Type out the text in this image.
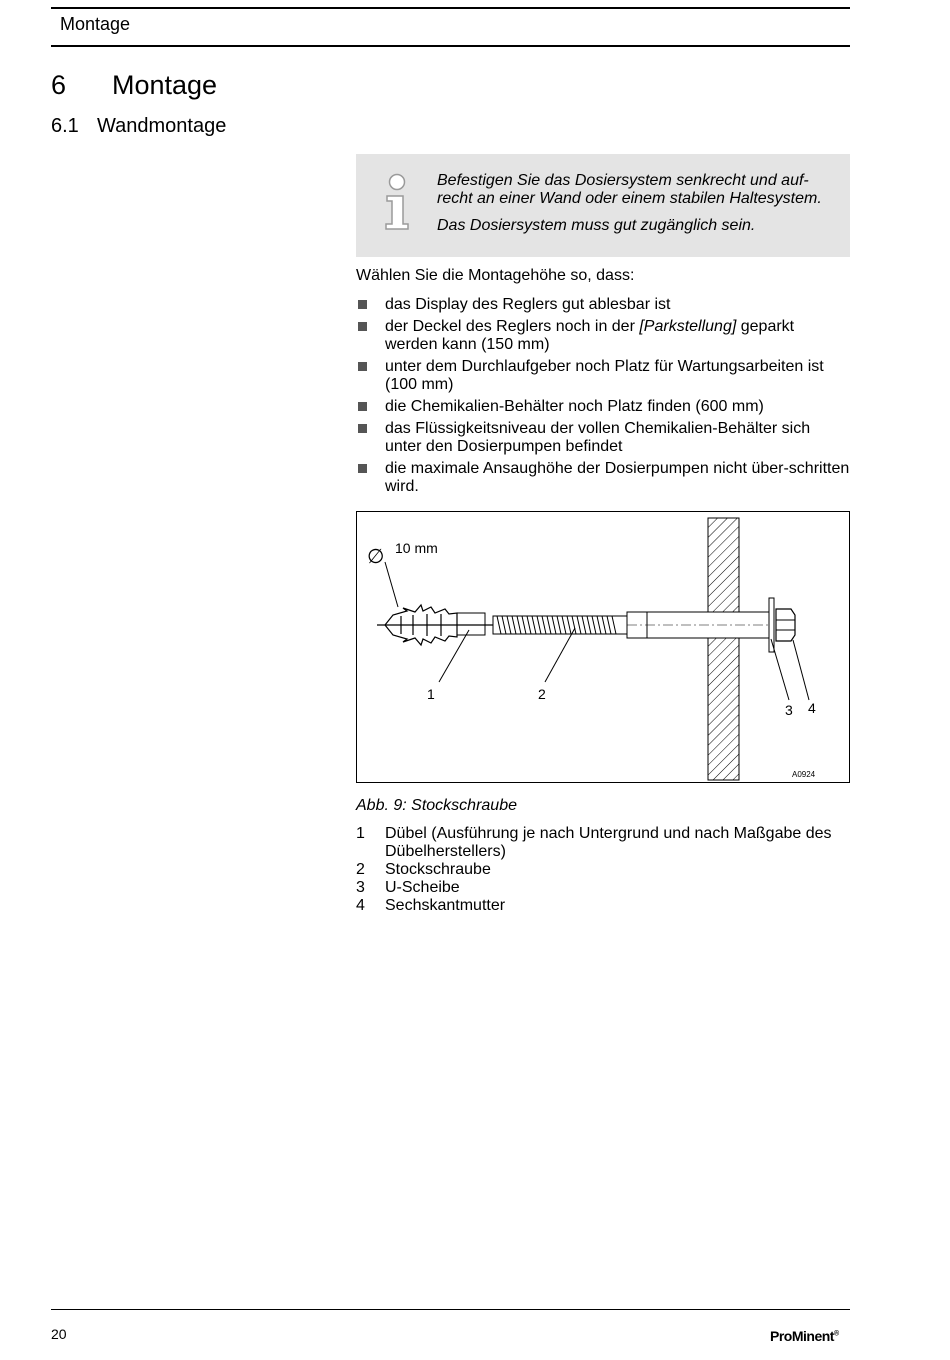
Montage
6 Montage
6.1 Wandmontage

Befestigen Sie das Dosiersystem senkrecht und auf-recht an einer Wand oder einem stabilen Haltesystem.

Das Dosiersystem muss gut zugänglich sein.

Wählen Sie die Montagehöhe so, dass:
das Display des Reglers gut ablesbar ist
der Deckel des Reglers noch in der [Parkstellung] geparkt werden kann (150 mm)
unter dem Durchlaufgeber noch Platz für Wartungsarbeiten ist (100 mm)
die Chemikalien-Behälter noch Platz finden (600 mm)
das Flüssigkeitsniveau der vollen Chemikalien-Behälter sich unter den Dosierpumpen befindet
die maximale Ansaughöhe der Dosierpumpen nicht über-schritten wird.
∅ 10 mm
1	2
3 4
A0924
Abb. 9: Stockschraube
1 Dübel (Ausführung je nach Untergrund und nach Maßgabe des Dübelherstellers)
2 Stockschraube
3 U-Scheibe
4 Sechskantmutter
20	ProMinent®
